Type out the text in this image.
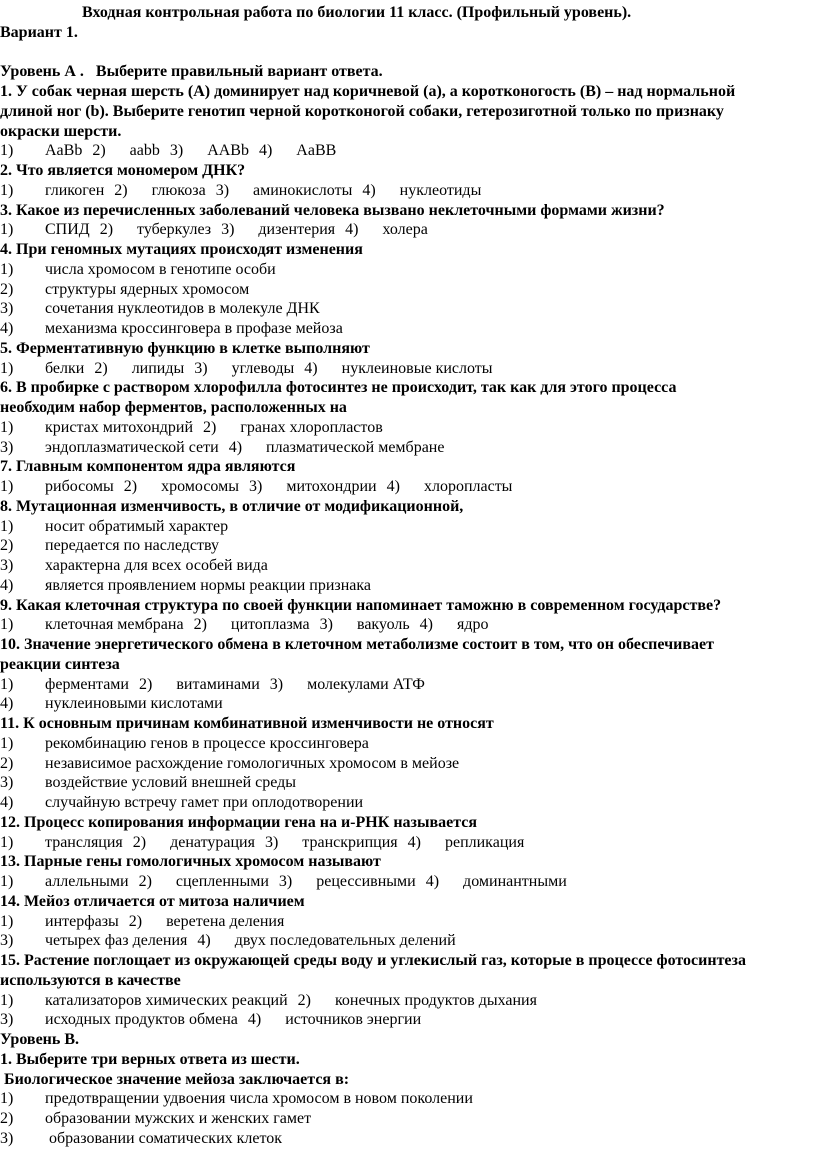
Входная контрольная работа по биологии 11 класс. (Профильный уровень).
Вариант 1.
Уровень А .   Выберите правильный вариант ответа.
1. У собак черная шерсть (А) доминирует над коричневой (а), а коротконогость (В) – над нормальной
длиной ног (b). Выберите генотип черной коротконогой собаки, гетерозиготной только по признаку
окраски шерсти.
1) AaBb 2) aabb 3) AABb 4) AaBB
2. Что является мономером ДНК?
1) гликоген 2) глюкоза 3) аминокислоты 4) нуклеотиды
3. Какое из перечисленных заболеваний человека вызвано неклеточными формами жизни?
1) СПИД 2) туберкулез 3) дизентерия 4) холера
4. При геномных мутациях происходят изменения
1) числа хромосом в генотипе особи
2) структуры ядерных хромосом
3) сочетания нуклеотидов в молекуле ДНК
4) механизма кроссинговера в профазе мейоза
5. Ферментативную функцию в клетке выполняют
1) белки 2) липиды 3) углеводы 4) нуклеиновые кислоты
6. В пробирке с раствором хлорофилла фотосинтез не происходит, так как для этого процесса
необходим набор ферментов, расположенных на
1) кристах митохондрий 2) гранах хлоропластов
3) эндоплазматической сети 4) плазматической мембране
7. Главным компонентом ядра являются
1) рибосомы 2) хромосомы 3) митохондрии 4) хлоропласты
8. Мутационная изменчивость, в отличие от модификационной,
1) носит обратимый характер
2) передается по наследству
3) характерна для всех особей вида
4) является проявлением нормы реакции признака
9. Какая клеточная структура по своей функции напоминает таможню в современном государстве?
1) клеточная мембрана 2) цитоплазма 3) вакуоль 4) ядро
10. Значение энергетического обмена в клеточном метаболизме состоит в том, что он обеспечивает
реакции синтеза
1) ферментами 2) витаминами 3) молекулами АТФ
4) нуклеиновыми кислотами
11. К основным причинам комбинативной изменчивости не относят
1) рекомбинацию генов в процессе кроссинговера
2) независимое расхождение гомологичных хромосом в мейозе
3) воздействие условий внешней среды
4) случайную встречу гамет при оплодотворении
12. Процесс копирования информации гена на и-РНК называется
1) трансляция 2) денатурация 3) транскрипция 4) репликация
13. Парные гены гомологичных хромосом называют
1) аллельными 2) сцепленными 3) рецессивными 4) доминантными
14. Мейоз отличается от митоза наличием
1) интерфазы 2) веретена деления
3) четырех фаз деления 4) двух последовательных делений
15. Растение поглощает из окружающей среды воду и углекислый газ, которые в процессе фотосинтеза
используются в качестве
1) катализаторов химических реакций 2) конечных продуктов дыхания
3) исходных продуктов обмена 4) источников энергии
Уровень В.
1. Выберите три верных ответа из шести.
Биологическое значение мейоза заключается в:
1) предотвращении удвоения числа хромосом в новом поколении
2) образовании мужских и женских гамет
3) образовании соматических клеток
